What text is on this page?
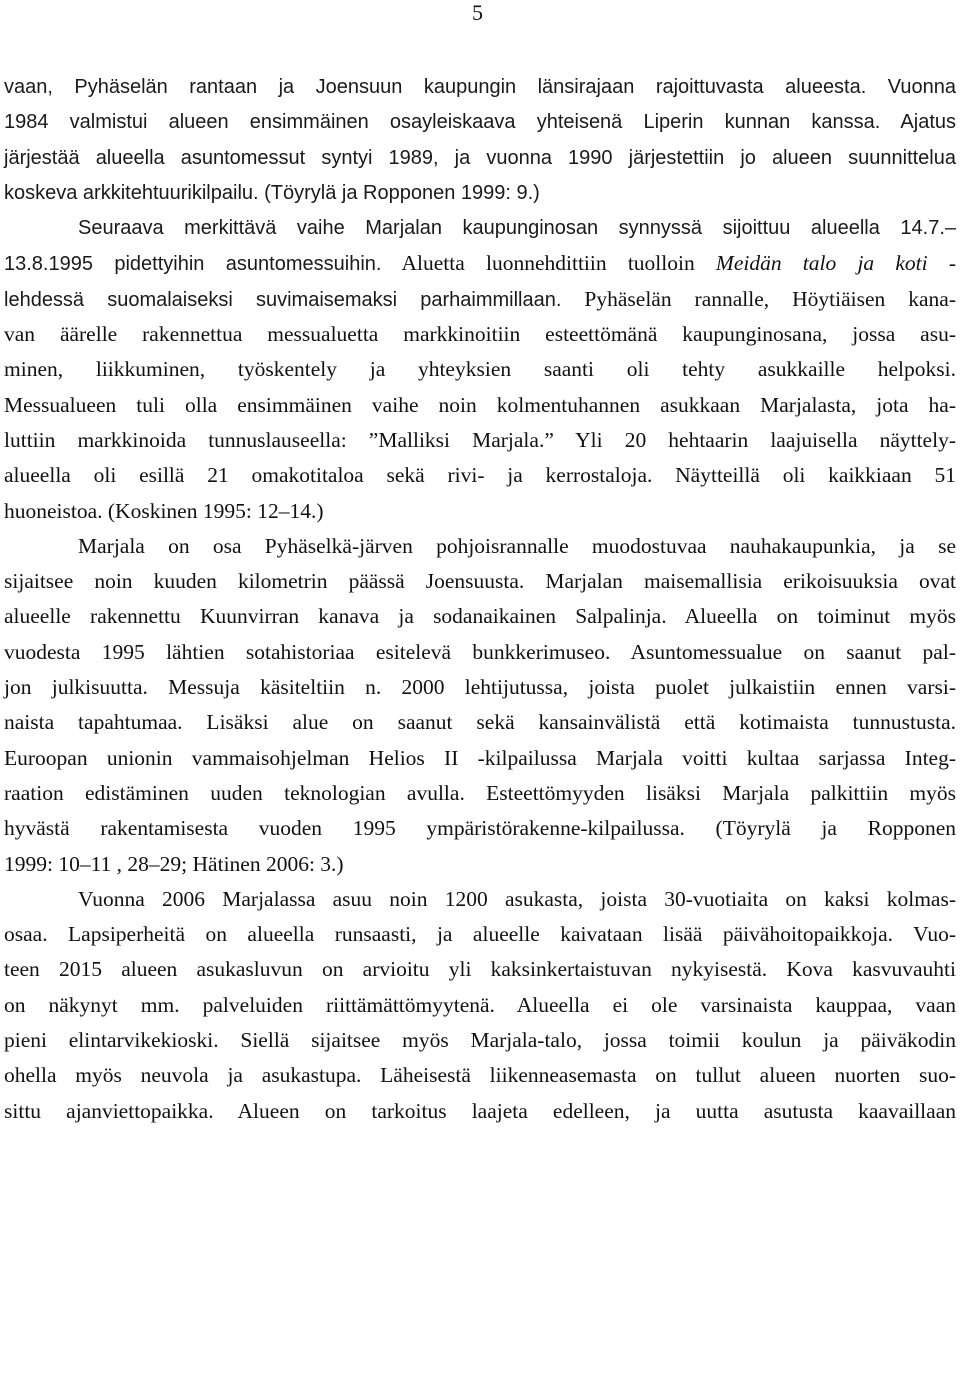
5
vaan, Pyhäselän rantaan ja Joensuun kaupungin länsirajaan rajoittuvasta alueesta. Vuonna
1984 valmistui alueen ensimmäinen osayleiskaava yhteisenä Liperin kunnan kanssa. Ajatus
järjestää alueella asuntomessut syntyi 1989, ja vuonna 1990 järjestettiin jo alueen suunnittelua
koskeva arkkitehtuurikilpailu. (Töyrylä ja Ropponen 1999: 9.)
Seuraava merkittävä vaihe Marjalan kaupunginosan synnyssä sijoittuu alueella 14.7.–
13.8.1995 pidettyihin asuntomessuihin. Aluetta luonnehdittiin tuolloin Meidän talo ja koti -
lehdessä suomalaiseksi suvimaisemaksi parhaimmillaan. Pyhäselän rannalle, Höytiäisen kana-
van äärelle rakennettua messualuetta markkinoitiin esteettömänä kaupunginosana, jossa asu-
minen, liikkuminen, työskentely ja yhteyksien saanti oli tehty asukkaille helpoksi.
Messualueen tuli olla ensimmäinen vaihe noin kolmentuhannen asukkaan Marjalasta, jota ha-
luttiin markkinoida tunnuslauseella: ”Malliksi Marjala.” Yli 20 hehtaarin laajuisella näyttely-
alueella oli esillä 21 omakotitaloa sekä rivi- ja kerrostaloja. Näytteillä oli kaikkiaan 51
huoneistoa. (Koskinen 1995: 12–14.)
Marjala on osa Pyhäselkä-järven pohjoisrannalle muodostuvaa nauhakaupunkia, ja se
sijaitsee noin kuuden kilometrin päässä Joensuusta. Marjalan maisemallisia erikoisuuksia ovat
alueelle rakennettu Kuunvirran kanava ja sodanaikainen Salpalinja. Alueella on toiminut myös
vuodesta 1995 lähtien sotahistoriaa esitelevä bunkkerimuseo. Asuntomessualue on saanut pal-
jon julkisuutta. Messuja käsiteltiin n. 2000 lehtijutussa, joista puolet julkaistiin ennen varsi-
naista tapahtumaa. Lisäksi alue on saanut sekä kansainvälistä että kotimaista tunnustusta.
Euroopan unionin vammaisohjelman Helios II -kilpailussa Marjala voitti kultaa sarjassa Integ-
raation edistäminen uuden teknologian avulla. Esteettömyyden lisäksi Marjala palkittiin myös
hyvästä rakentamisesta vuoden 1995 ympäristörakenne-kilpailussa. (Töyrylä ja Ropponen
1999: 10–11 , 28–29; Hätinen 2006: 3.)
Vuonna 2006 Marjalassa asuu noin 1200 asukasta, joista 30-vuotiaita on kaksi kolmas-
osaa. Lapsiperheitä on alueella runsaasti, ja alueelle kaivataan lisää päivähoitopaikkoja. Vuo-
teen 2015 alueen asukasluvun on arvioitu yli kaksinkertaistuvan nykyisestä. Kova kasvuvauhti
on näkynyt mm. palveluiden riittämättömyytenä. Alueella ei ole varsinaista kauppaa, vaan
pieni elintarvikekioski. Siellä sijaitsee myös Marjala-talo, jossa toimii koulun ja päiväkodin
ohella myös neuvola ja asukastupa. Läheisestä liikenneasemasta on tullut alueen nuorten suo-
sittu ajanviettopaikka. Alueen on tarkoitus laajeta edelleen, ja uutta asutusta kaavaillaan
